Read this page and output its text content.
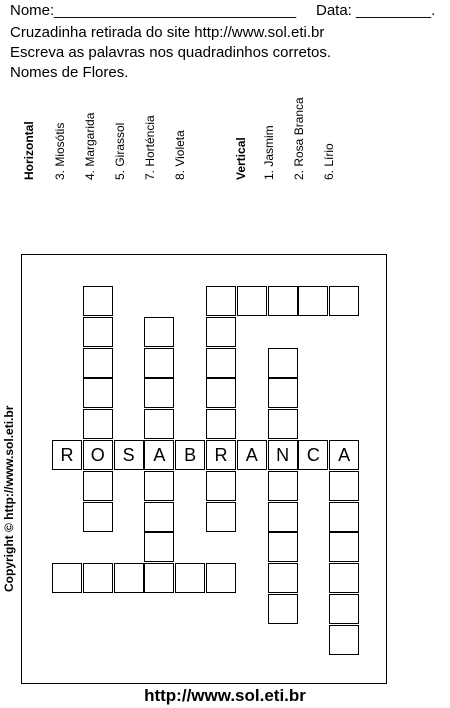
Nome:_____________________________ Data: _________.
Cruzadinha retirada do site http://www.sol.eti.br
Escreva as palavras nos quadradinhos corretos.
Nomes de Flores.
Horizontal 3. Miosótis 4. Margarida 5. Girassol 7. Horténcia 8. Violeta	Vertical 1. Jasmim 2. Rosa Branca 6. Lírio
R O S	A	B	R	A	N C	A
Copyright © http://www.sol.eti.br
http://www.sol.eti.br
